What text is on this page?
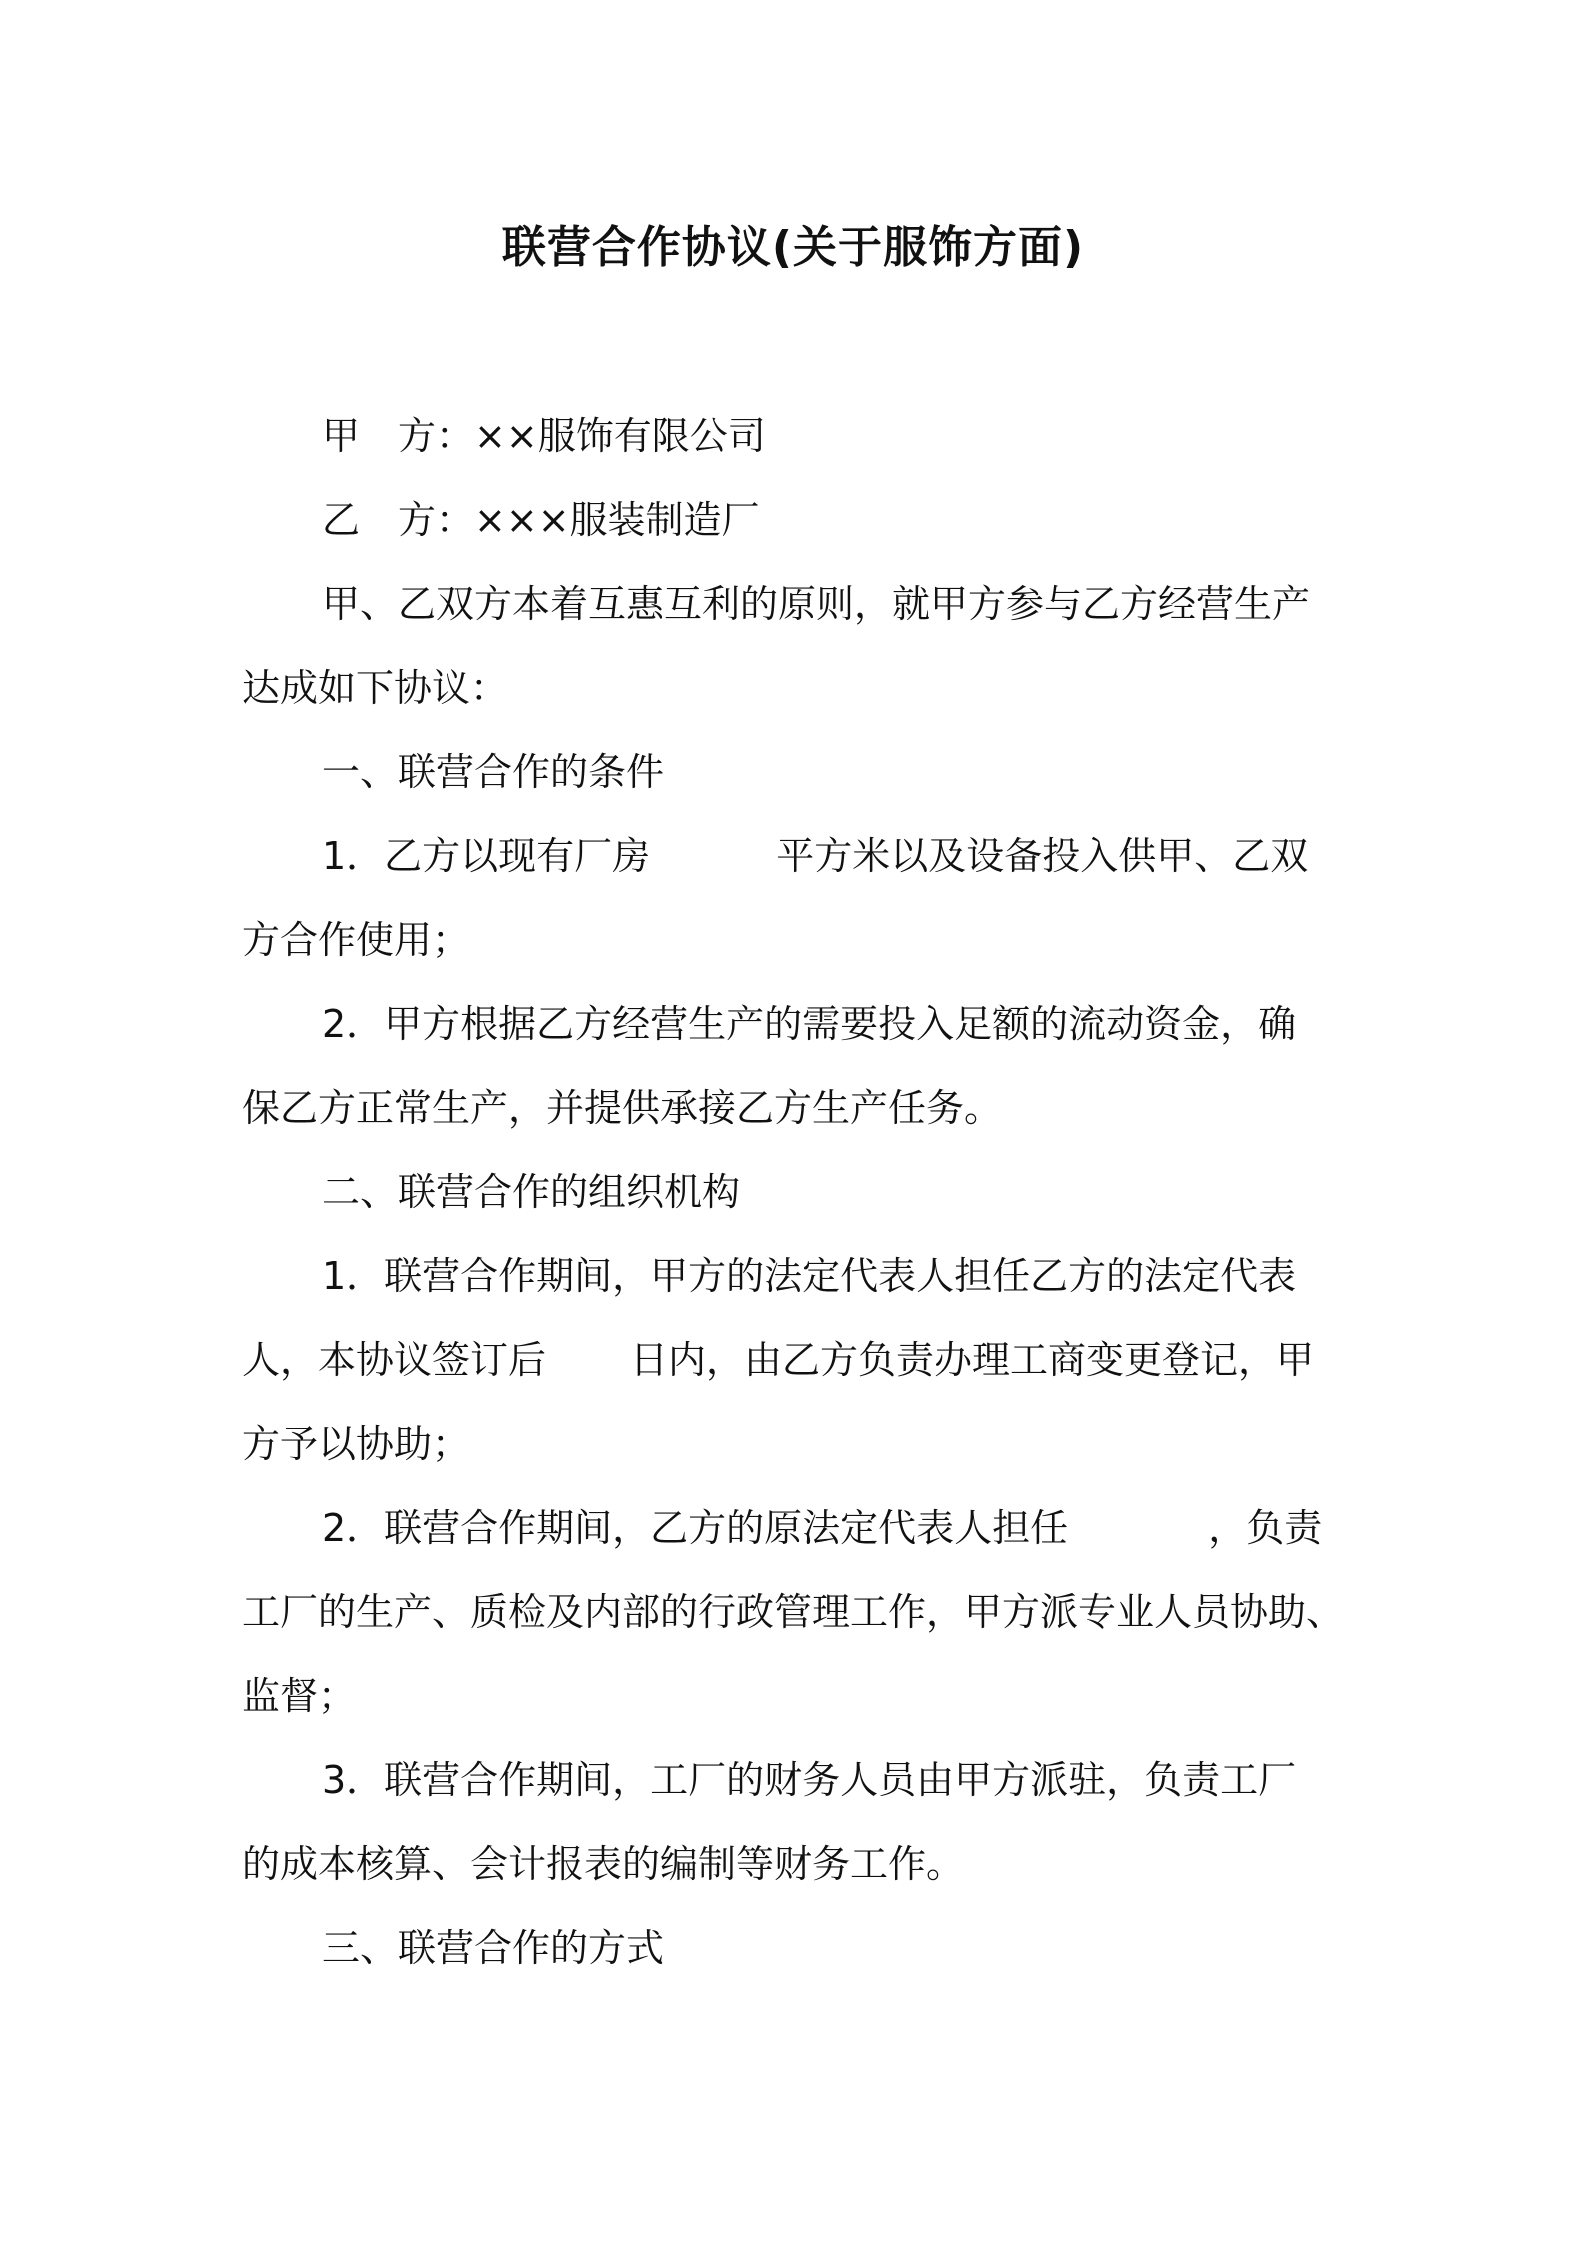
联营合作协议(关于服饰方面)
甲　方：××服饰有限公司
乙　方：×××服装制造厂
甲、乙双方本着互惠互利的原则，就甲方参与乙方经营生产
达成如下协议：
一、联营合作的条件
1．乙方以现有厂房	平方米以及设备投入供甲、乙双
方合作使用；
2．甲方根据乙方经营生产的需要投入足额的流动资金，确
保乙方正常生产，并提供承接乙方生产任务。
二、联营合作的组织机构
1．联营合作期间，甲方的法定代表人担任乙方的法定代表
人，本协议签订后 日内，由乙方负责办理工商变更登记，甲
方予以协助；
2．联营合作期间，乙方的原法定代表人担任	，负责
工厂的生产、质检及内部的行政管理工作，甲方派专业人员协助、
监督；
3．联营合作期间，工厂的财务人员由甲方派驻，负责工厂
的成本核算、会计报表的编制等财务工作。
三、联营合作的方式
